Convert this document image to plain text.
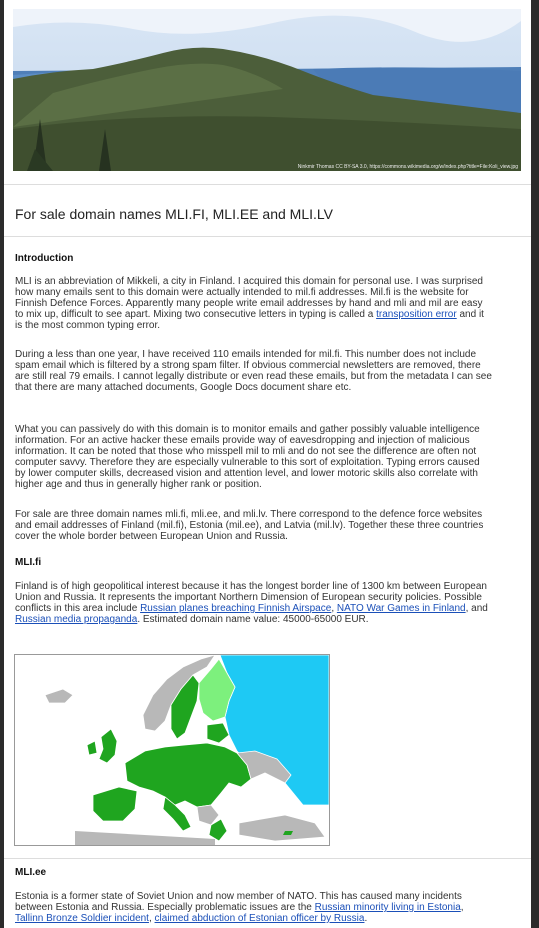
Ninkmir Thomas CC BY-SA 3.0, https://commons.wikimedia.org/w/index.php?title=File:Koli_view.jpg
For sale domain names MLI.FI, MLI.EE and MLI.LV
Introduction

MLI is an abbreviation of Mikkeli, a city in Finland. I acquired this domain for personal use. I was surprised how many emails sent to this domain were actually intended to mil.fi addresses. Mil.fi is the website for Finnish Defence Forces. Apparently many people write email addresses by hand and mli and mil are easy to mix up, difficult to see apart. Mixing two consecutive letters in typing is called a transposition error and it is the most common typing error.

During a less than one year, I have received 110 emails intended for mil.fi. This number does not include spam email which is filtered by a strong spam filter. If obvious commercial newsletters are removed, there are still real 79 emails. I cannot legally distribute or even read these emails, but from the metadata I can see that there are many attached documents, Google Docs document share etc.

What you can passively do with this domain is to monitor emails and gather possibly valuable intelligence information. For an active hacker these emails provide way of eavesdropping and injection of malicious information. It can be noted that those who misspell mil to mli and do not see the difference are often not computer savvy. Therefore they are especially vulnerable to this sort of exploitation. Typing errors caused by lower computer skills, decreased vision and attention level, and lower motoric skills also correlate with higher age and thus in generally higher rank or position.

For sale are three domain names mli.fi, mli.ee, and mli.lv. There correspond to the defence force websites and email addresses of Finland (mil.fi), Estonia (mil.ee), and Latvia (mil.lv). Together these three countries cover the whole border between European Union and Russia.

MLI.fi

Finland is of high geopolitical interest because it has the longest border line of 1300 km between European Union and Russia. It represents the important Northern Dimension of European security policies. Possible conflicts in this area include Russian planes breaching Finnish Airspace, NATO War Games in Finland, and Russian media propaganda. Estimated domain name value: 45000-65000 EUR.

MLI.ee

Estonia is a former state of Soviet Union and now member of NATO. This has caused many incidents between Estonia and Russia. Especially problematic issues are the Russian minority living in Estonia, Tallinn Bronze Soldier incident, claimed abduction of Estonian officer by Russia.
